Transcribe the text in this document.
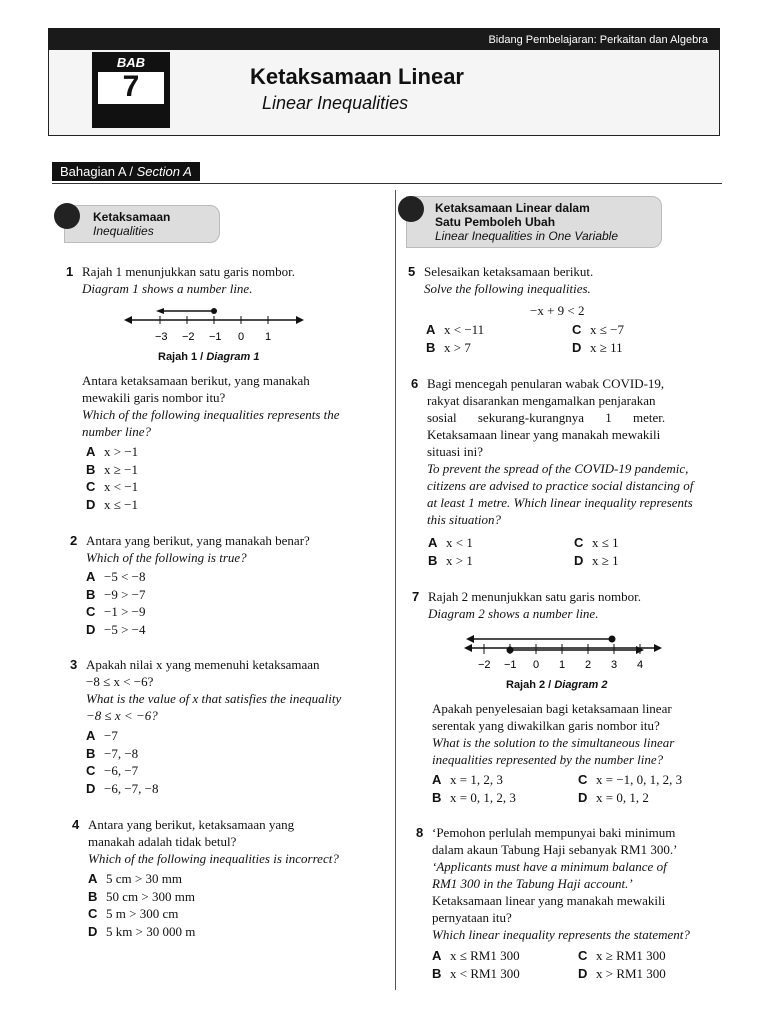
Bidang Pembelajaran: Perkaitan dan Algebra
BAB
7	Ketaksamaan Linear
Linear Inequalities
Bahagian A / Section A
Ketaksamaan
Inequalities
1 Rajah 1 menunjukkan satu garis nombor.
Diagram 1 shows a number line.
−3 −2 −1 0 1
Rajah 1 / Diagram 1
Antara ketaksamaan berikut, yang manakah
mewakili garis nombor itu?
Which of the following inequalities represents the
number line?
A x > −1
B x ≥ −1
C x < −1
D x ≤ −1
2 Antara yang berikut, yang manakah benar?
Which of the following is true?
A −5 < −8
B −9 > −7
C −1 > −9
D −5 > −4
3 Apakah nilai x yang memenuhi ketaksamaan
−8 ≤ x < −6?
What is the value of x that satisfies the inequality
−8 ≤ x < −6?
A −7
B −7, −8
C −6, −7
D −6, −7, −8
4 Antara yang berikut, ketaksamaan yang
manakah adalah tidak betul?
Which of the following inequalities is incorrect?
A 5 cm > 30 mm
B 50 cm > 300 mm
C 5 m > 300 cm
D 5 km > 30 000 m
Ketaksamaan Linear dalam
Satu Pemboleh Ubah
Linear Inequalities in One Variable
5 Selesaikan ketaksamaan berikut.
Solve the following inequalities.
−x + 9 < 2
A x < −11	C x ≤ −7
B x > 7	D x ≥ 11
6 Bagi mencegah penularan wabak COVID-19,
rakyat disarankan mengamalkan penjarakan
sosial sekurang-kurangnya 1 meter.
Ketaksamaan linear yang manakah mewakili
situasi ini?
To prevent the spread of the COVID-19 pandemic,
citizens are advised to practice social distancing of
at least 1 metre. Which linear inequality represents
this situation?
A x < 1	C x ≤ 1
B x > 1	D x ≥ 1
7 Rajah 2 menunjukkan satu garis nombor.
Diagram 2 shows a number line.
−2 −1 0 1 2 3 4
Rajah 2 / Diagram 2
Apakah penyelesaian bagi ketaksamaan linear
serentak yang diwakilkan garis nombor itu?
What is the solution to the simultaneous linear
inequalities represented by the number line?
A x = 1, 2, 3	C x = −1, 0, 1, 2, 3
B x = 0, 1, 2, 3	D x = 0, 1, 2
8 ‘Pemohon perlulah mempunyai baki minimum
dalam akaun Tabung Haji sebanyak RM1 300.’
‘Applicants must have a minimum balance of
RM1 300 in the Tabung Haji account.’
Ketaksamaan linear yang manakah mewakili
pernyataan itu?
Which linear inequality represents the statement?
A x ≤ RM1 300	C x ≥ RM1 300
B x < RM1 300	D x > RM1 300
